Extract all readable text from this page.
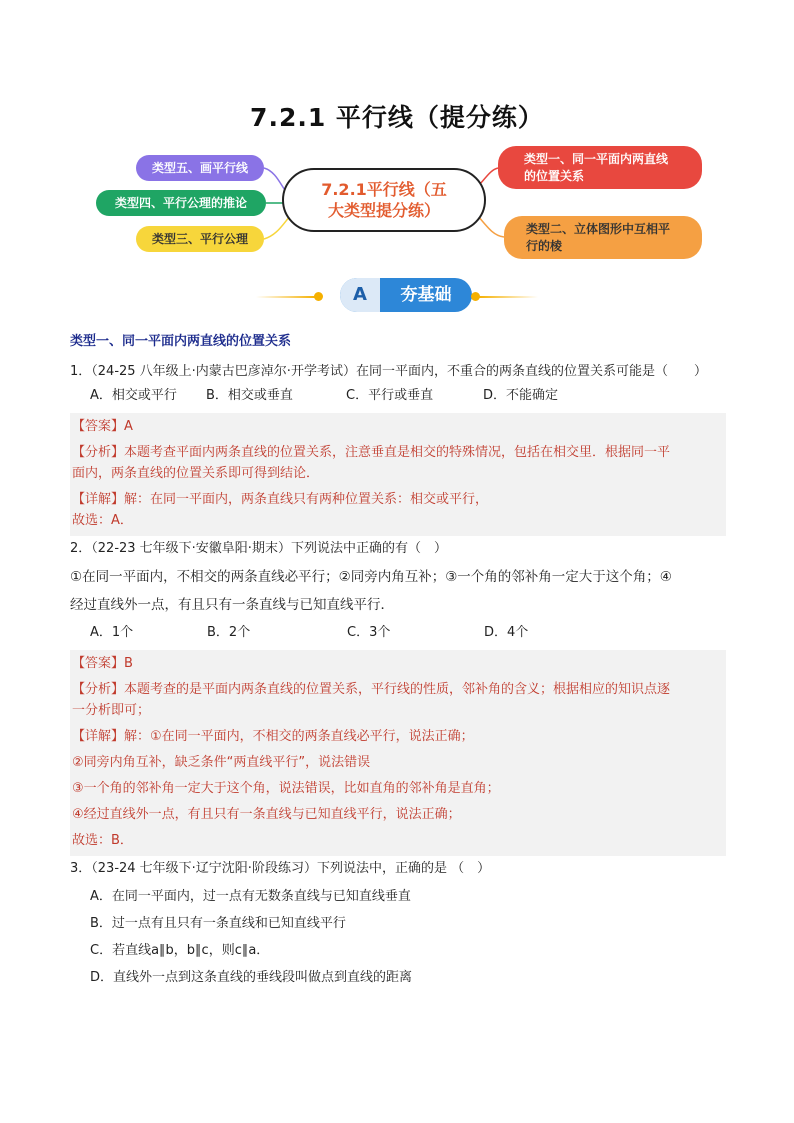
7.2.1 平行线（提分练）
类型五、画平行线
类型四、平行公理的推论
类型三、平行公理
7.2.1平行线（五
大类型提分练）
类型一、同一平面内两直线
的位置关系
类型二、立体图形中互相平
行的棱
A	夯基础
类型一、同一平面内两直线的位置关系
1．（24-25 八年级上·内蒙古巴彦淖尔·开学考试）在同一平面内，不重合的两条直线的位置关系可能是（　　）
A．相交或平行	B．相交或垂直	C．平行或垂直	D．不能确定
【答案】A
【分析】本题考查平面内两条直线的位置关系，注意垂直是相交的特殊情况，包括在相交里．根据同一平
面内，两条直线的位置关系即可得到结论．
【详解】解：在同一平面内，两条直线只有两种位置关系：相交或平行，
故选：A．
2．（22-23 七年级下·安徽阜阳·期末）下列说法中正确的有（　）
①在同一平面内，不相交的两条直线必平行；②同旁内角互补；③一个角的邻补角一定大于这个角；④
经过直线外一点，有且只有一条直线与已知直线平行．
A．1个	B．2个	C．3个	D．4个
【答案】B
【分析】本题考查的是平面内两条直线的位置关系，平行线的性质，邻补角的含义；根据相应的知识点逐
一分析即可；
【详解】解：①在同一平面内，不相交的两条直线必平行，说法正确；
②同旁内角互补，缺乏条件“两直线平行”，说法错误
③一个角的邻补角一定大于这个角，说法错误，比如直角的邻补角是直角；
④经过直线外一点，有且只有一条直线与已知直线平行，说法正确；
故选：B．
3．（23-24 七年级下·辽宁沈阳·阶段练习）下列说法中，正确的是 （　）
A．在同一平面内，过一点有无数条直线与已知直线垂直
B．过一点有且只有一条直线和已知直线平行
C．若直线a∥b，b∥c，则c∥a．
D．直线外一点到这条直线的垂线段叫做点到直线的距离
